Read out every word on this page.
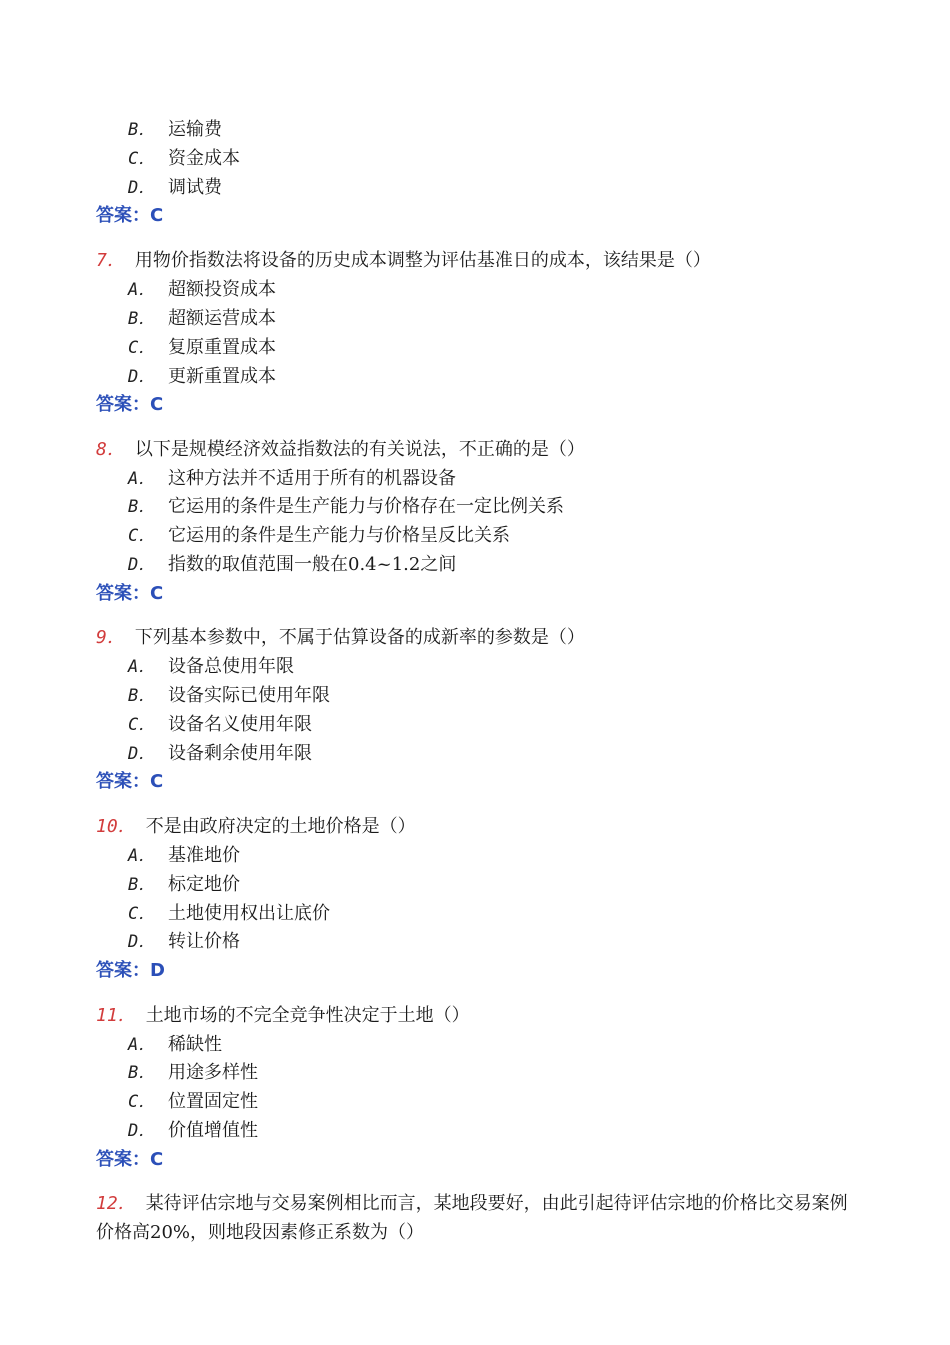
B． 运输费
C． 资金成本
D． 调试费
答案：C
7． 用物价指数法将设备的历史成本调整为评估基准日的成本，该结果是（）
A． 超额投资成本
B． 超额运营成本
C． 复原重置成本
D． 更新重置成本
答案：C
8． 以下是规模经济效益指数法的有关说法，不正确的是（）
A． 这种方法并不适用于所有的机器设备
B． 它运用的条件是生产能力与价格存在一定比例关系
C． 它运用的条件是生产能力与价格呈反比关系
D． 指数的取值范围一般在0.4~1.2之间
答案：C
9． 下列基本参数中，不属于估算设备的成新率的参数是（）
A． 设备总使用年限
B． 设备实际已使用年限
C． 设备名义使用年限
D． 设备剩余使用年限
答案：C
10． 不是由政府决定的土地价格是（）
A． 基准地价
B． 标定地价
C． 土地使用权出让底价
D． 转让价格
答案：D
11． 土地市场的不完全竞争性决定于土地（）
A． 稀缺性
B． 用途多样性
C． 位置固定性
D． 价值增值性
答案：C
12． 某待评估宗地与交易案例相比而言，某地段要好，由此引起待评估宗地的价格比交易案例
价格高20%，则地段因素修正系数为（）
